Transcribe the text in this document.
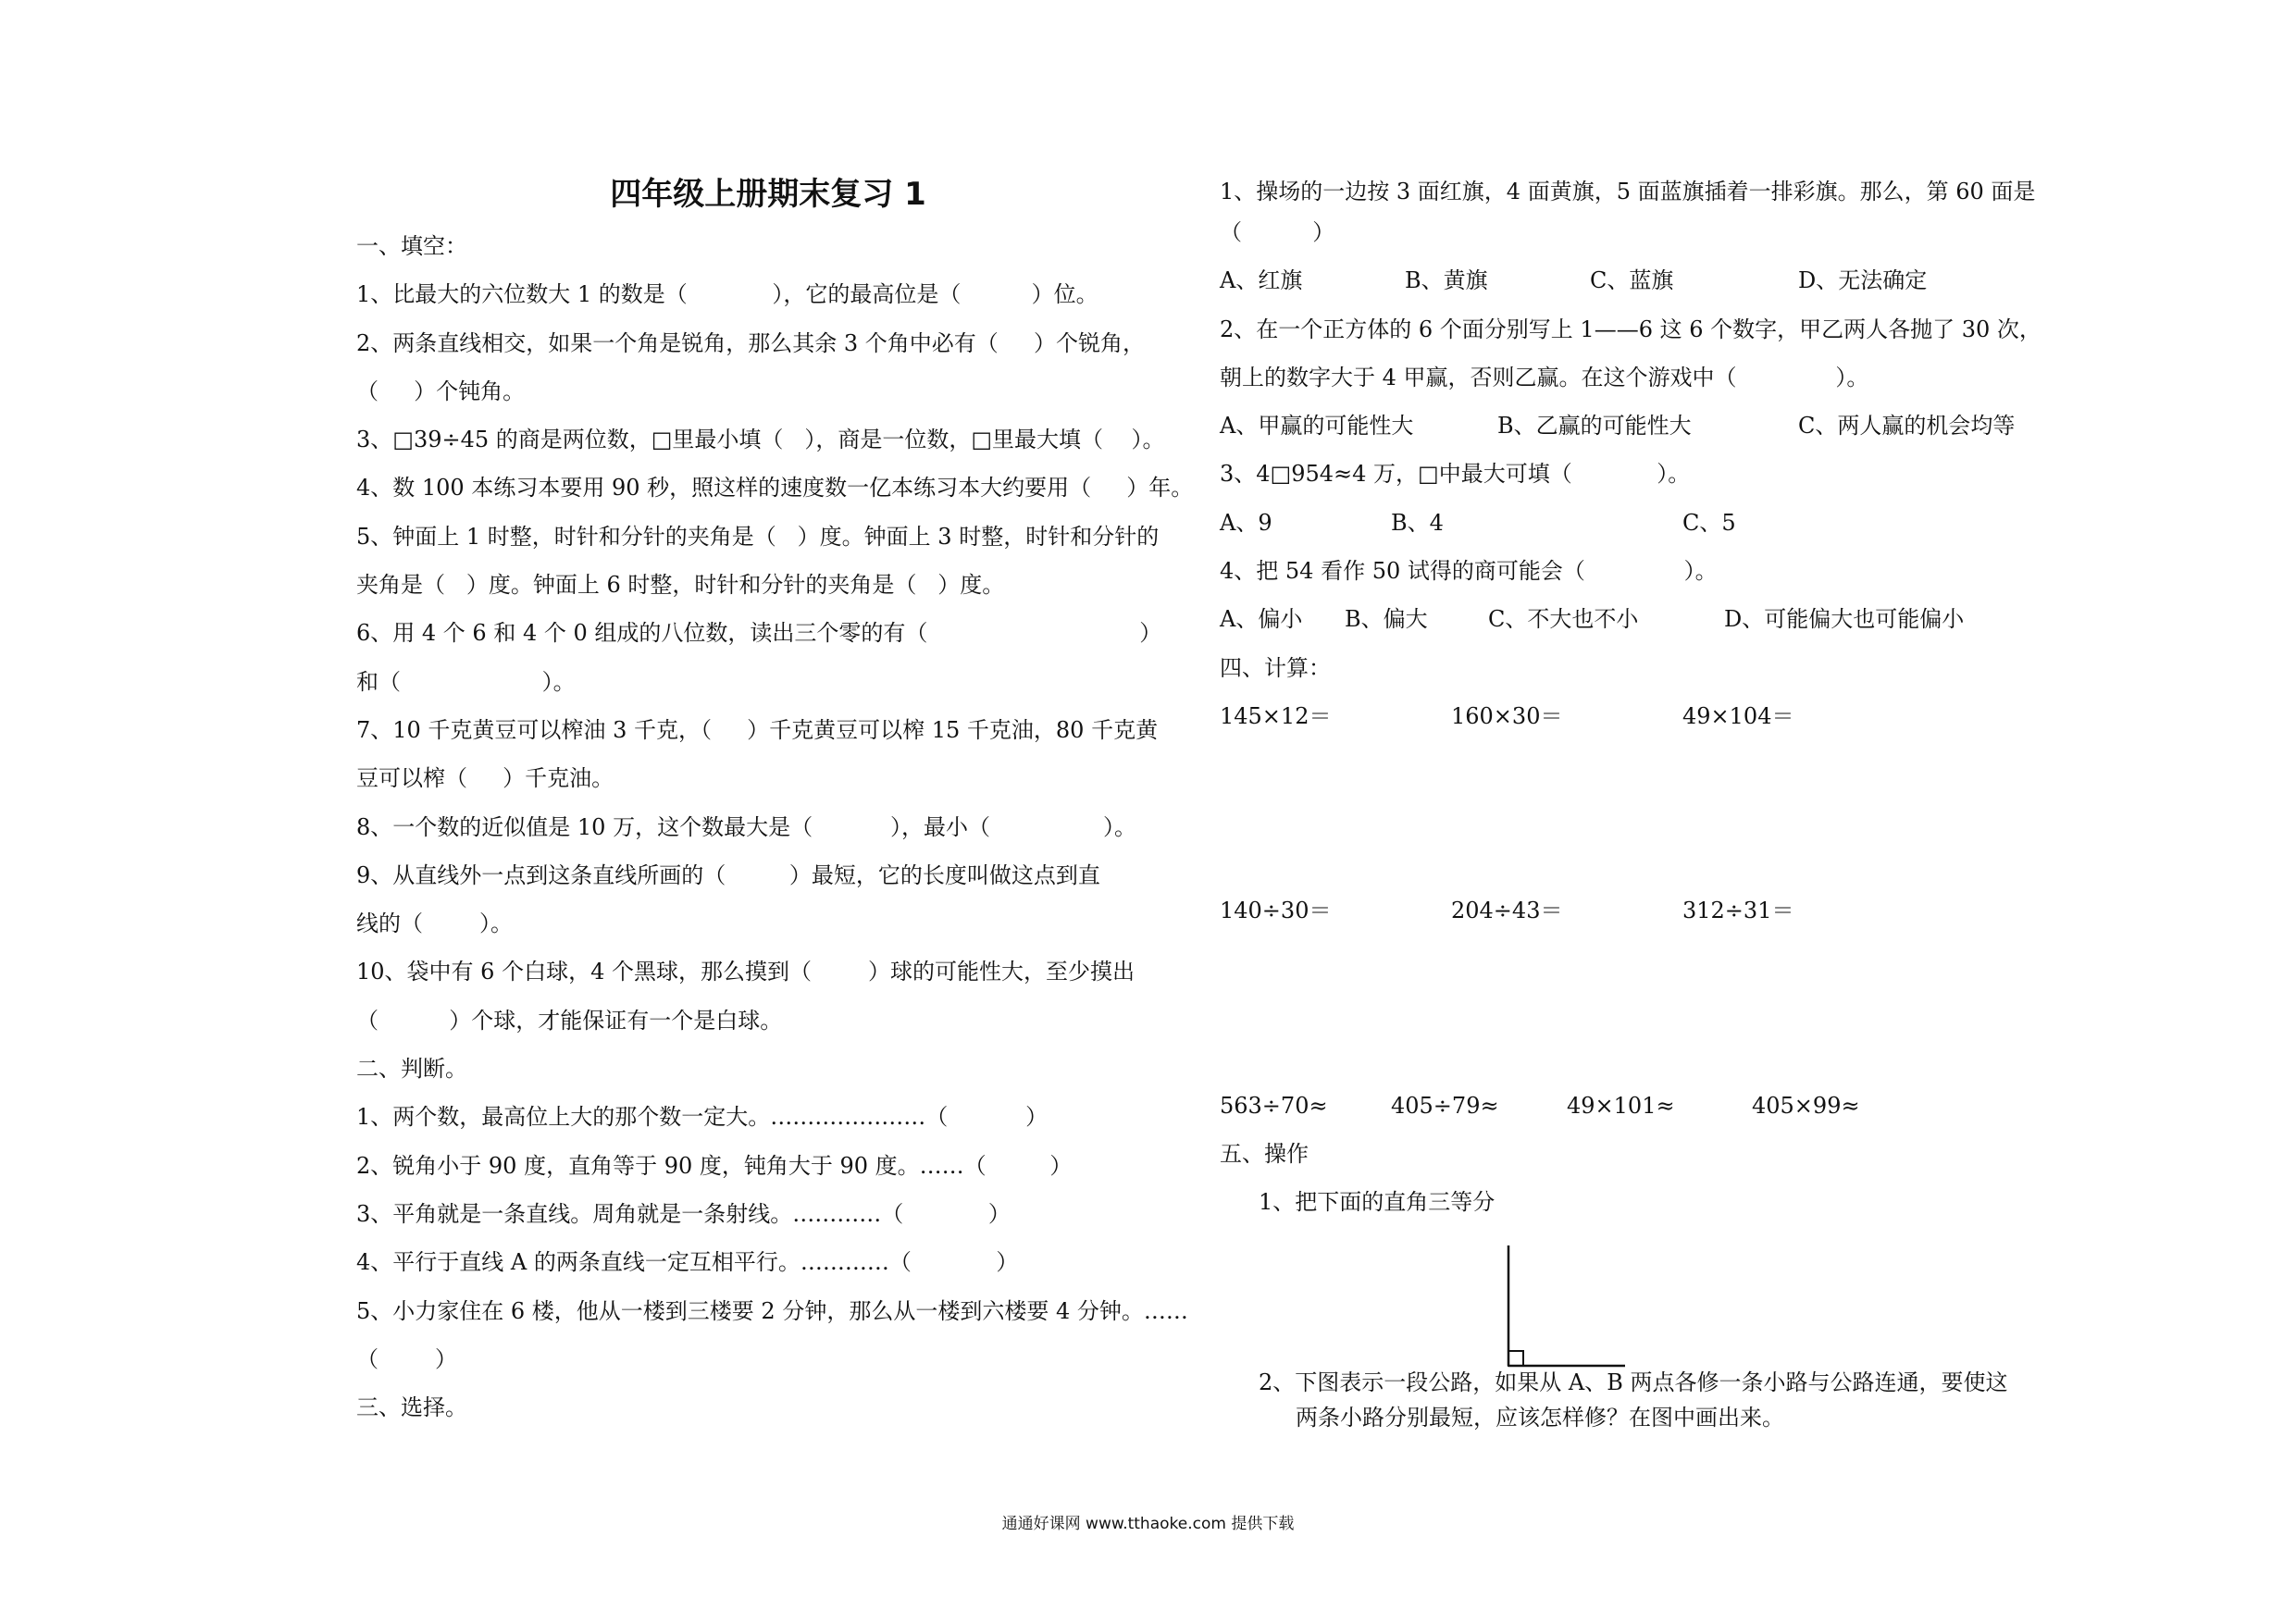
四年级上册期末复习 1
一、填空：
1、比最大的六位数大 1 的数是（            ），它的最高位是（          ）位。
2、两条直线相交，如果一个角是锐角，那么其余 3 个角中必有（     ）个锐角，
（     ）个钝角。
3、□39÷45 的商是两位数，□里最小填（   ），商是一位数，□里最大填（    ）。
4、数 100 本练习本要用 90 秒，照这样的速度数一亿本练习本大约要用（     ）年。
5、钟面上 1 时整，时针和分针的夹角是（   ）度。钟面上 3 时整，时针和分针的
夹角是（   ）度。钟面上 6 时整，时针和分针的夹角是（   ）度。
6、用 4 个 6 和 4 个 0 组成的八位数，读出三个零的有（                              ）
和（                    ）。
7、10 千克黄豆可以榨油 3 千克，（     ）千克黄豆可以榨 15 千克油，80 千克黄
豆可以榨（     ）千克油。
8、一个数的近似值是 10 万，这个数最大是（           ），最小（                ）。
9、从直线外一点到这条直线所画的（         ）最短，它的长度叫做这点到直
线的（        ）。
10、袋中有 6 个白球，4 个黑球，那么摸到（        ）球的可能性大，至少摸出
（          ）个球，才能保证有一个是白球。
二、判断。
1、两个数，最高位上大的那个数一定大。…………………（           ）
2、锐角小于 90 度，直角等于 90 度，钝角大于 90 度。……（         ）
3、平角就是一条直线。周角就是一条射线。…………（            ）
4、平行于直线 A 的两条直线一定互相平行。…………（            ）
5、小力家住在 6 楼，他从一楼到三楼要 2 分钟，那么从一楼到六楼要 4 分钟。……
（        ）
三、选择。
1、操场的一边按 3 面红旗，4 面黄旗，5 面蓝旗插着一排彩旗。那么，第 60 面是
（          ）
A、红旗	B、黄旗	C、蓝旗	D、无法确定
2、在一个正方体的 6 个面分别写上 1——6 这 6 个数字，甲乙两人各抛了 30 次，
朝上的数字大于 4 甲赢，否则乙赢。在这个游戏中（              ）。
A、甲赢的可能性大	B、乙赢的可能性大	C、两人赢的机会均等
3、4□954≈4 万，□中最大可填（            ）。
A、9	B、4	C、5
4、把 54 看作 50 试得的商可能会（              ）。
A、偏小 B、偏大	C、不大也不小	D、可能偏大也可能偏小
四、计算：
145×12＝	160×30＝	49×104＝
140÷30＝	204÷43＝	312÷31＝
563÷70≈	405÷79≈	49×101≈	405×99≈
五、操作
1、把下面的直角三等分
2、下图表示一段公路，如果从 A、B 两点各修一条小路与公路连通，要使这
两条小路分别最短，应该怎样修？在图中画出来。
通通好课网 www.tthaoke.com 提供下载
